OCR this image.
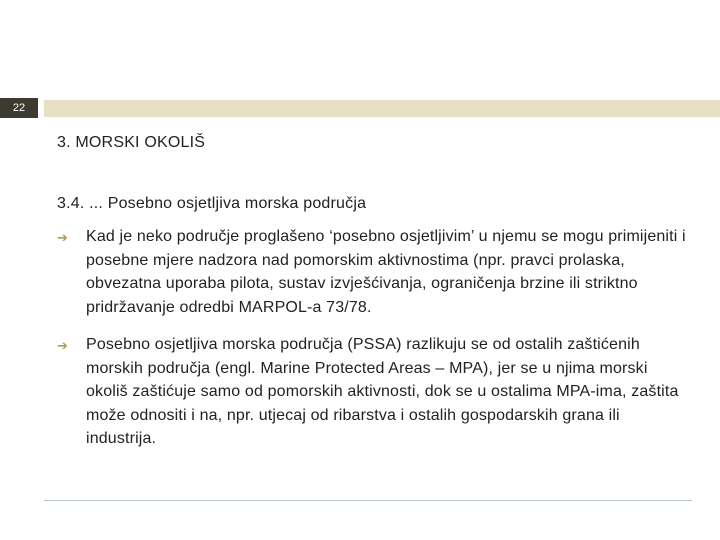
22
3. MORSKI OKOLIŠ
3.4. ... Posebno osjetljiva morska područja
➔ Kad je neko područje proglašeno ‘posebno osjetljivim’ u njemu se mogu primijeniti i posebne mjere nadzora nad pomorskim aktivnostima (npr. pravci prolaska, obvezatna uporaba pilota, sustav izvješćivanja, ograničenja brzine ili striktno pridržavanje odredbi MARPOL-a 73/78.
➔ Posebno osjetljiva morska područja (PSSA) razlikuju se od ostalih zaštićenih morskih područja (engl. Marine Protected Areas – MPA), jer se u njima morski okoliš zaštićuje samo od pomorskih aktivnosti, dok se u ostalima MPA-ima, zaštita može odnositi i na, npr. utjecaj od ribarstva i ostalih gospodarskih grana ili industrija.
